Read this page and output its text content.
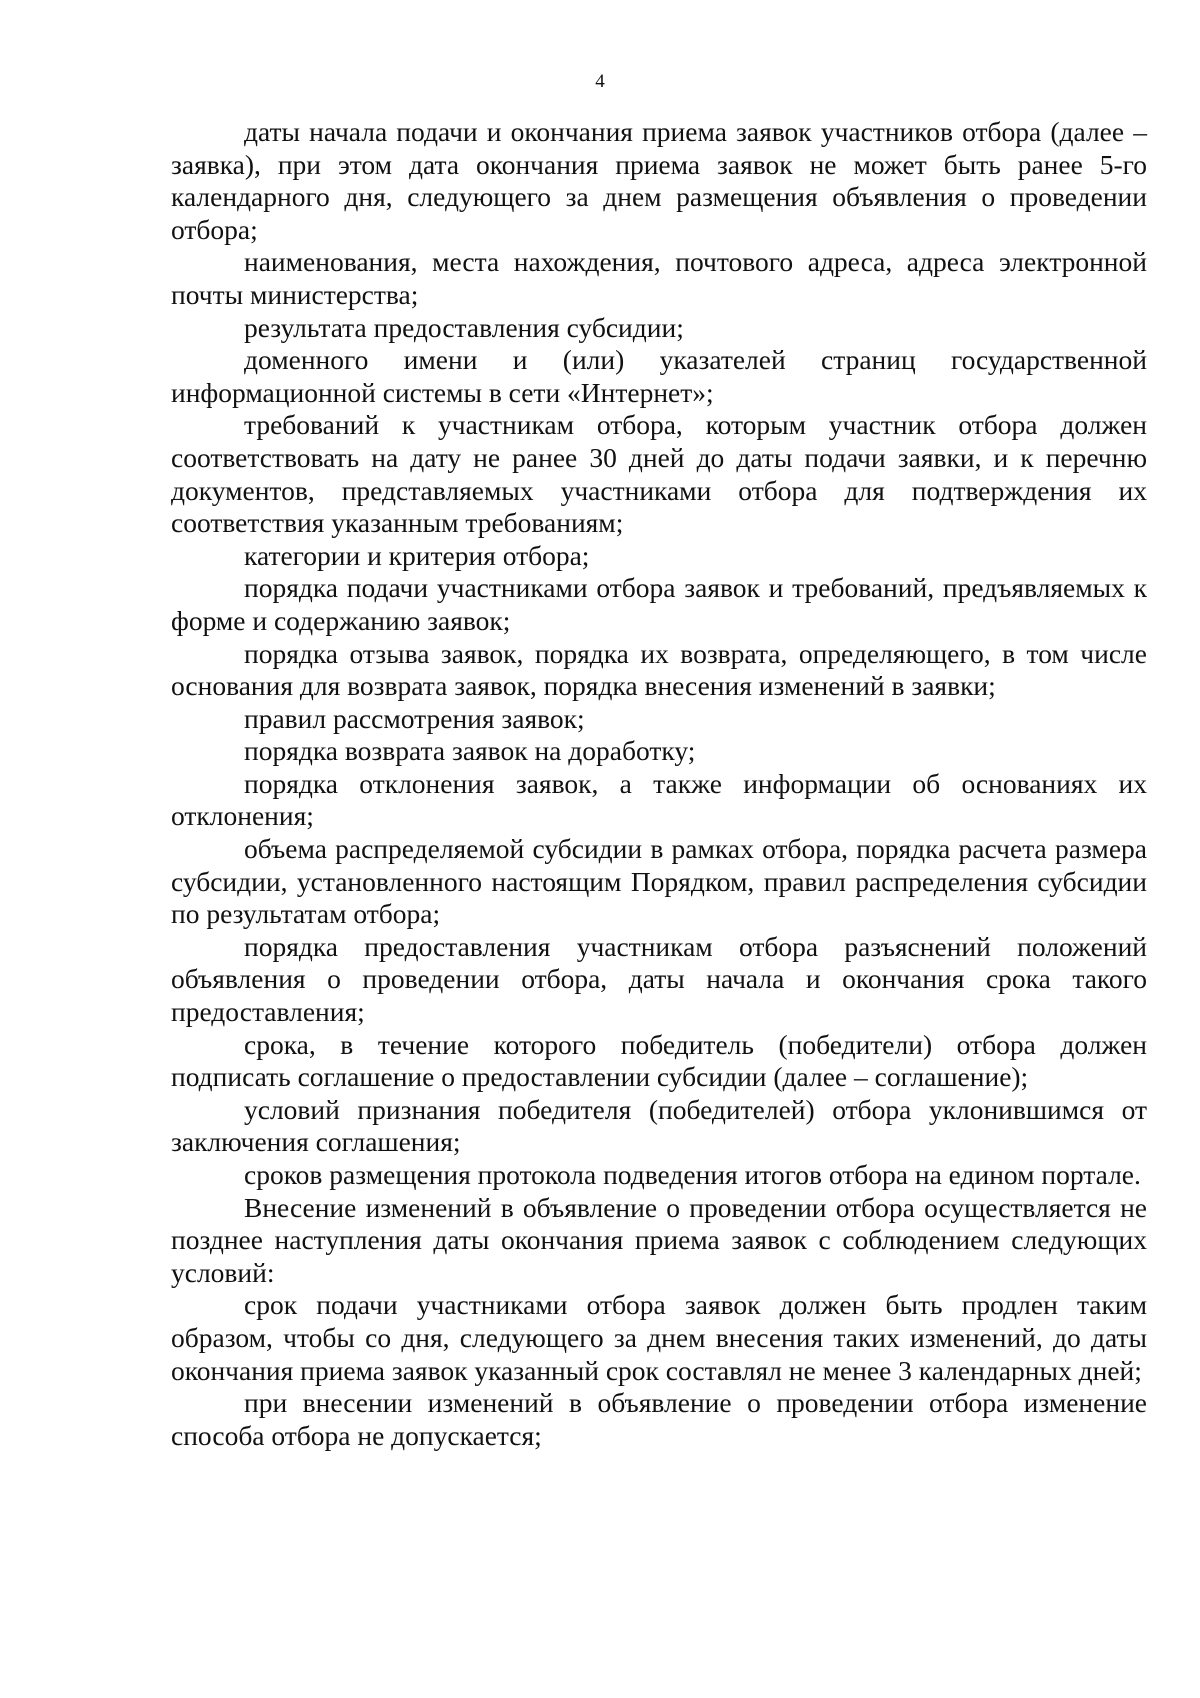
4

даты начала подачи и окончания приема заявок участников отбора (далее – заявка), при этом дата окончания приема заявок не может быть ранее 5-го календарного дня, следующего за днем размещения объявления о проведении отбора;

наименования, места нахождения, почтового адреса, адреса электронной почты министерства;

результата предоставления субсидии;

доменного имени и (или) указателей страниц государственной информационной системы в сети «Интернет»;

требований к участникам отбора, которым участник отбора должен соответствовать на дату не ранее 30 дней до даты подачи заявки, и к перечню документов, представляемых участниками отбора для подтверждения их соответствия указанным требованиям;

категории и критерия отбора;

порядка подачи участниками отбора заявок и требований, предъявляемых к форме и содержанию заявок;

порядка отзыва заявок, порядка их возврата, определяющего, в том числе основания для возврата заявок, порядка внесения изменений в заявки;

правил рассмотрения заявок;

порядка возврата заявок на доработку;

порядка отклонения заявок, а также информации об основаниях их отклонения;

объема распределяемой субсидии в рамках отбора, порядка расчета размера субсидии, установленного настоящим Порядком, правил распределения субсидии по результатам отбора;

порядка предоставления участникам отбора разъяснений положений объявления о проведении отбора, даты начала и окончания срока такого предоставления;

срока, в течение которого победитель (победители) отбора должен подписать соглашение о предоставлении субсидии (далее – соглашение);

условий признания победителя (победителей) отбора уклонившимся от заключения соглашения;

сроков размещения протокола подведения итогов отбора на едином портале.

Внесение изменений в объявление о проведении отбора осуществляется не позднее наступления даты окончания приема заявок с соблюдением следующих условий:

срок подачи участниками отбора заявок должен быть продлен таким образом, чтобы со дня, следующего за днем внесения таких изменений, до даты окончания приема заявок указанный срок составлял не менее 3 календарных дней;

при внесении изменений в объявление о проведении отбора изменение способа отбора не допускается;
